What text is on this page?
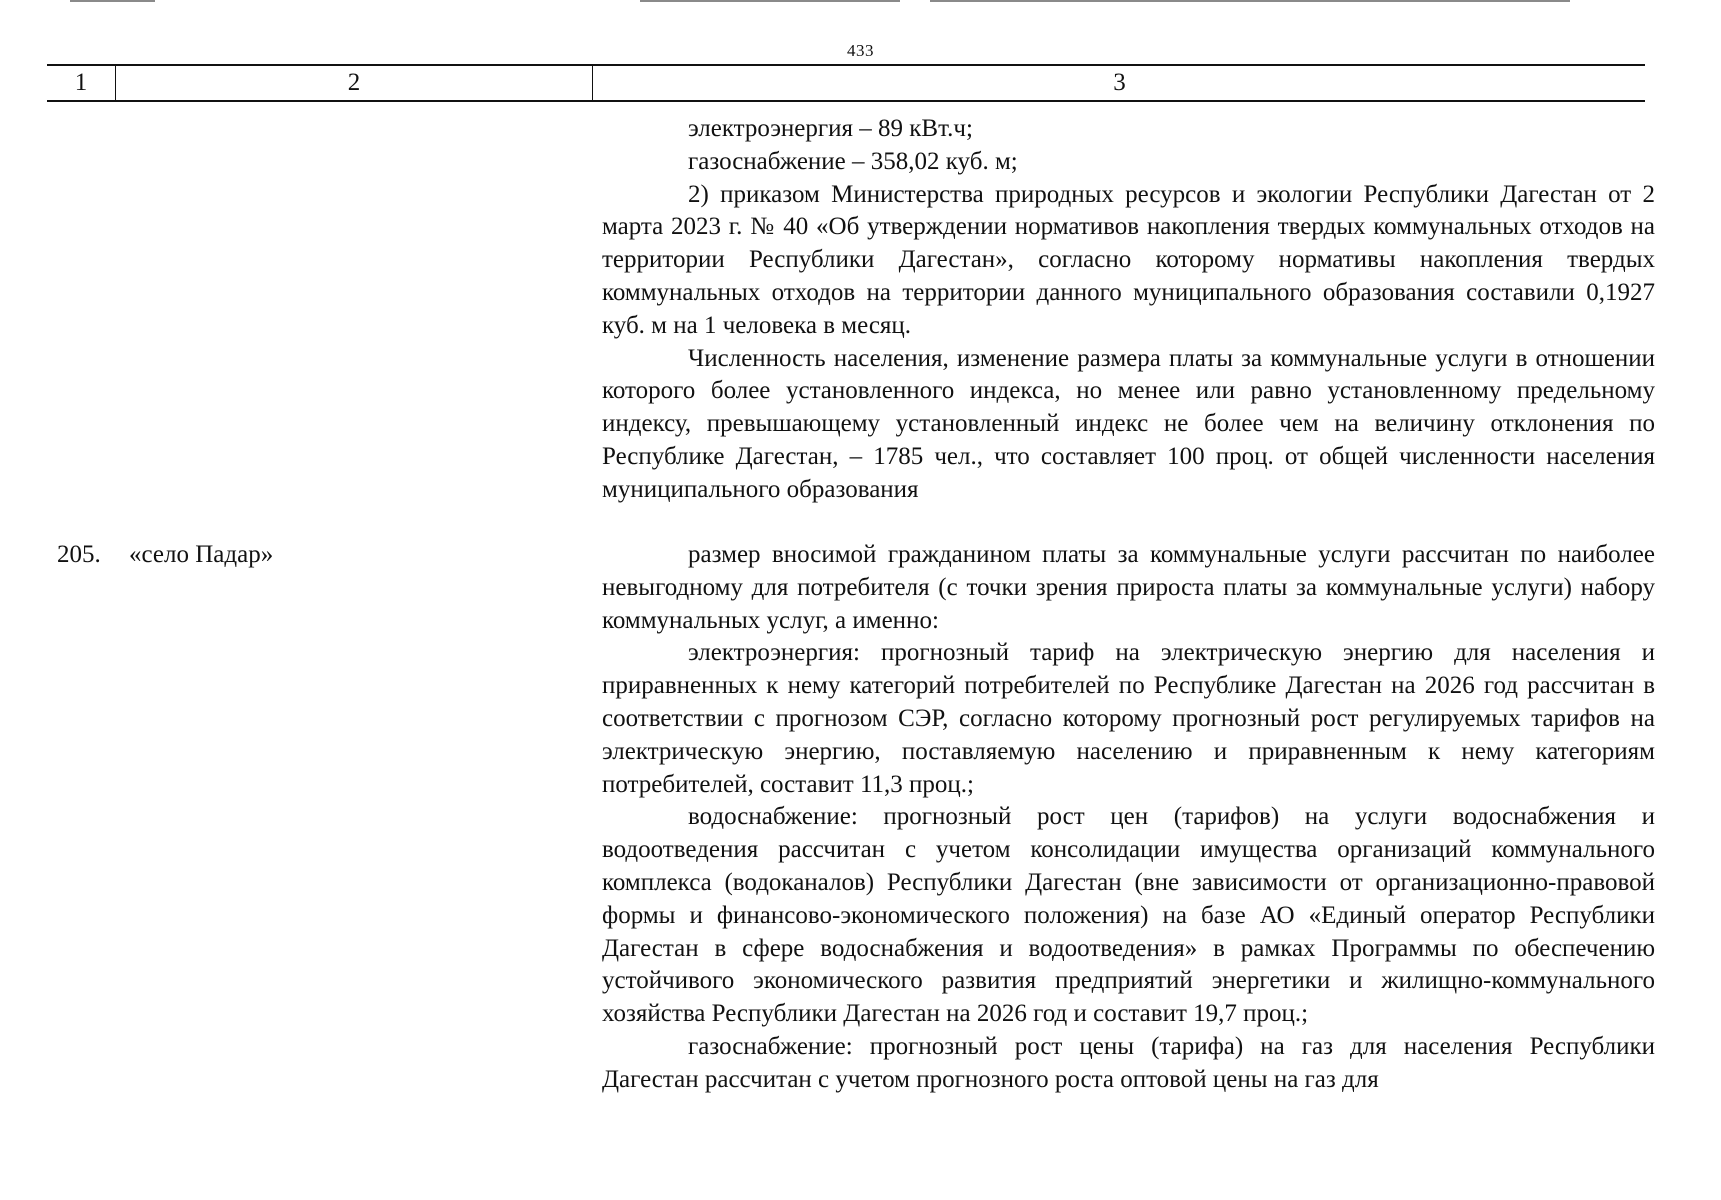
433
1	2	3

электроэнергия – 89 кВт.ч;

газоснабжение – 358,02 куб. м;

2) приказом Министерства природных ресурсов и экологии Республики Дагестан от 2 марта 2023 г. № 40 «Об утверждении нормативов накопления твердых коммунальных отходов на территории Республики Дагестан», согласно которому нормативы накопления твердых коммунальных отходов на территории данного муниципального образования составили 0,1927 куб. м на 1 человека в месяц.

Численность населения, изменение размера платы за коммунальные услуги в отношении которого более установленного индекса, но менее или равно установленному предельному индексу, превышающему установленный индекс не более чем на величину отклонения по Республике Дагестан, – 1785 чел., что составляет 100 проц. от общей численности населения муниципального образования

205. «село Падар»	размер вносимой гражданином платы за коммунальные услуги рассчитан по наиболее невыгодному для потребителя (с точки зрения прироста платы за коммунальные услуги) набору коммунальных услуг, а именно:

электроэнергия: прогнозный тариф на электрическую энергию для населения и приравненных к нему категорий потребителей по Республике Дагестан на 2026 год рассчитан в соответствии с прогнозом СЭР, согласно которому прогнозный рост регулируемых тарифов на электрическую энергию, поставляемую населению и приравненным к нему категориям потребителей, составит 11,3 проц.;

водоснабжение: прогнозный рост цен (тарифов) на услуги водоснабжения и водоотведения рассчитан с учетом консолидации имущества организаций коммунального комплекса (водоканалов) Республики Дагестан (вне зависимости от организационно-правовой формы и финансово-экономического положения) на базе АО «Единый оператор Республики Дагестан в сфере водоснабжения и водоотведения» в рамках Программы по обеспечению устойчивого экономического развития предприятий энергетики и жилищно-коммунального хозяйства Республики Дагестан на 2026 год и составит 19,7 проц.;

газоснабжение: прогнозный рост цены (тарифа) на газ для населения Республики Дагестан рассчитан с учетом прогнозного роста оптовой цены на газ для
